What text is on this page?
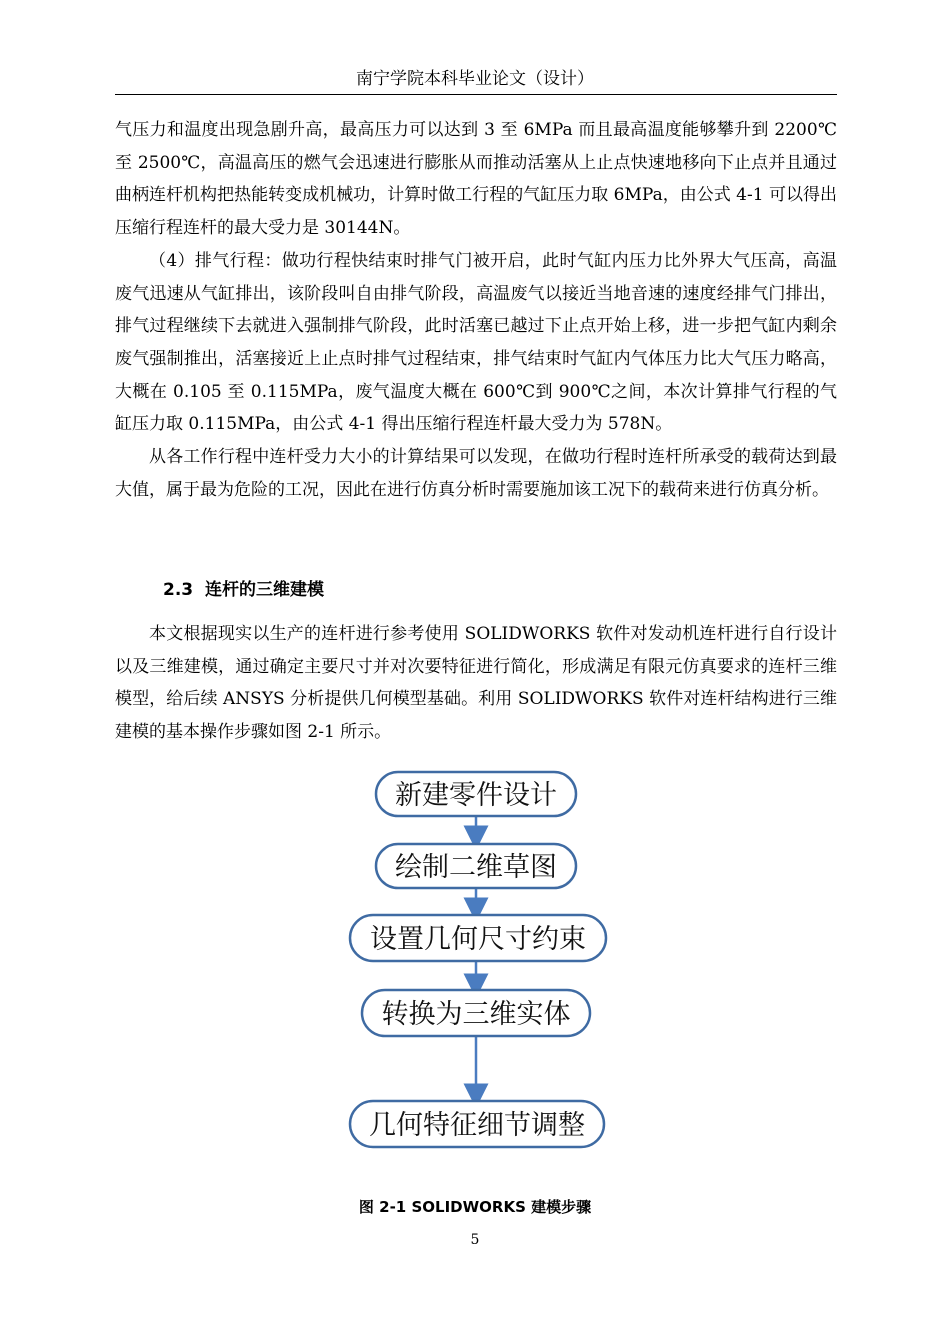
南宁学院本科毕业论文（设计）

气压力和温度出现急剧升高，最高压力可以达到 3 至 6MPa 而且最高温度能够攀升到 2200℃至 2500℃，高温高压的燃气会迅速进行膨胀从而推动活塞从上止点快速地移向下止点并且通过曲柄连杆机构把热能转变成机械功，计算时做工行程的气缸压力取 6MPa，由公式 4-1 可以得出压缩行程连杆的最大受力是 30144N。

（4）排气行程：做功行程快结束时排气门被开启，此时气缸内压力比外界大气压高，高温废气迅速从气缸排出，该阶段叫自由排气阶段，高温废气以接近当地音速的速度经排气门排出，排气过程继续下去就进入强制排气阶段，此时活塞已越过下止点开始上移，进一步把气缸内剩余废气强制推出，活塞接近上止点时排气过程结束，排气结束时气缸内气体压力比大气压力略高，大概在 0.105 至 0.115MPa，废气温度大概在 600℃到 900℃之间，本次计算排气行程的气缸压力取 0.115MPa，由公式 4-1 得出压缩行程连杆最大受力为 578N。

从各工作行程中连杆受力大小的计算结果可以发现，在做功行程时连杆所承受的载荷达到最大值，属于最为危险的工况，因此在进行仿真分析时需要施加该工况下的载荷来进行仿真分析。

2.3 连杆的三维建模

本文根据现实以生产的连杆进行参考使用 SOLIDWORKS 软件对发动机连杆进行自行设计以及三维建模，通过确定主要尺寸并对次要特征进行简化，形成满足有限元仿真要求的连杆三维模型，给后续 ANSYS 分析提供几何模型基础。利用 SOLIDWORKS 软件对连杆结构进行三维建模的基本操作步骤如图 2-1 所示。

新建零件设计
绘制二维草图
设置几何尺寸约束
转换为三维实体
几何特征细节调整
图 2-1 SOLIDWORKS 建模步骤
5
